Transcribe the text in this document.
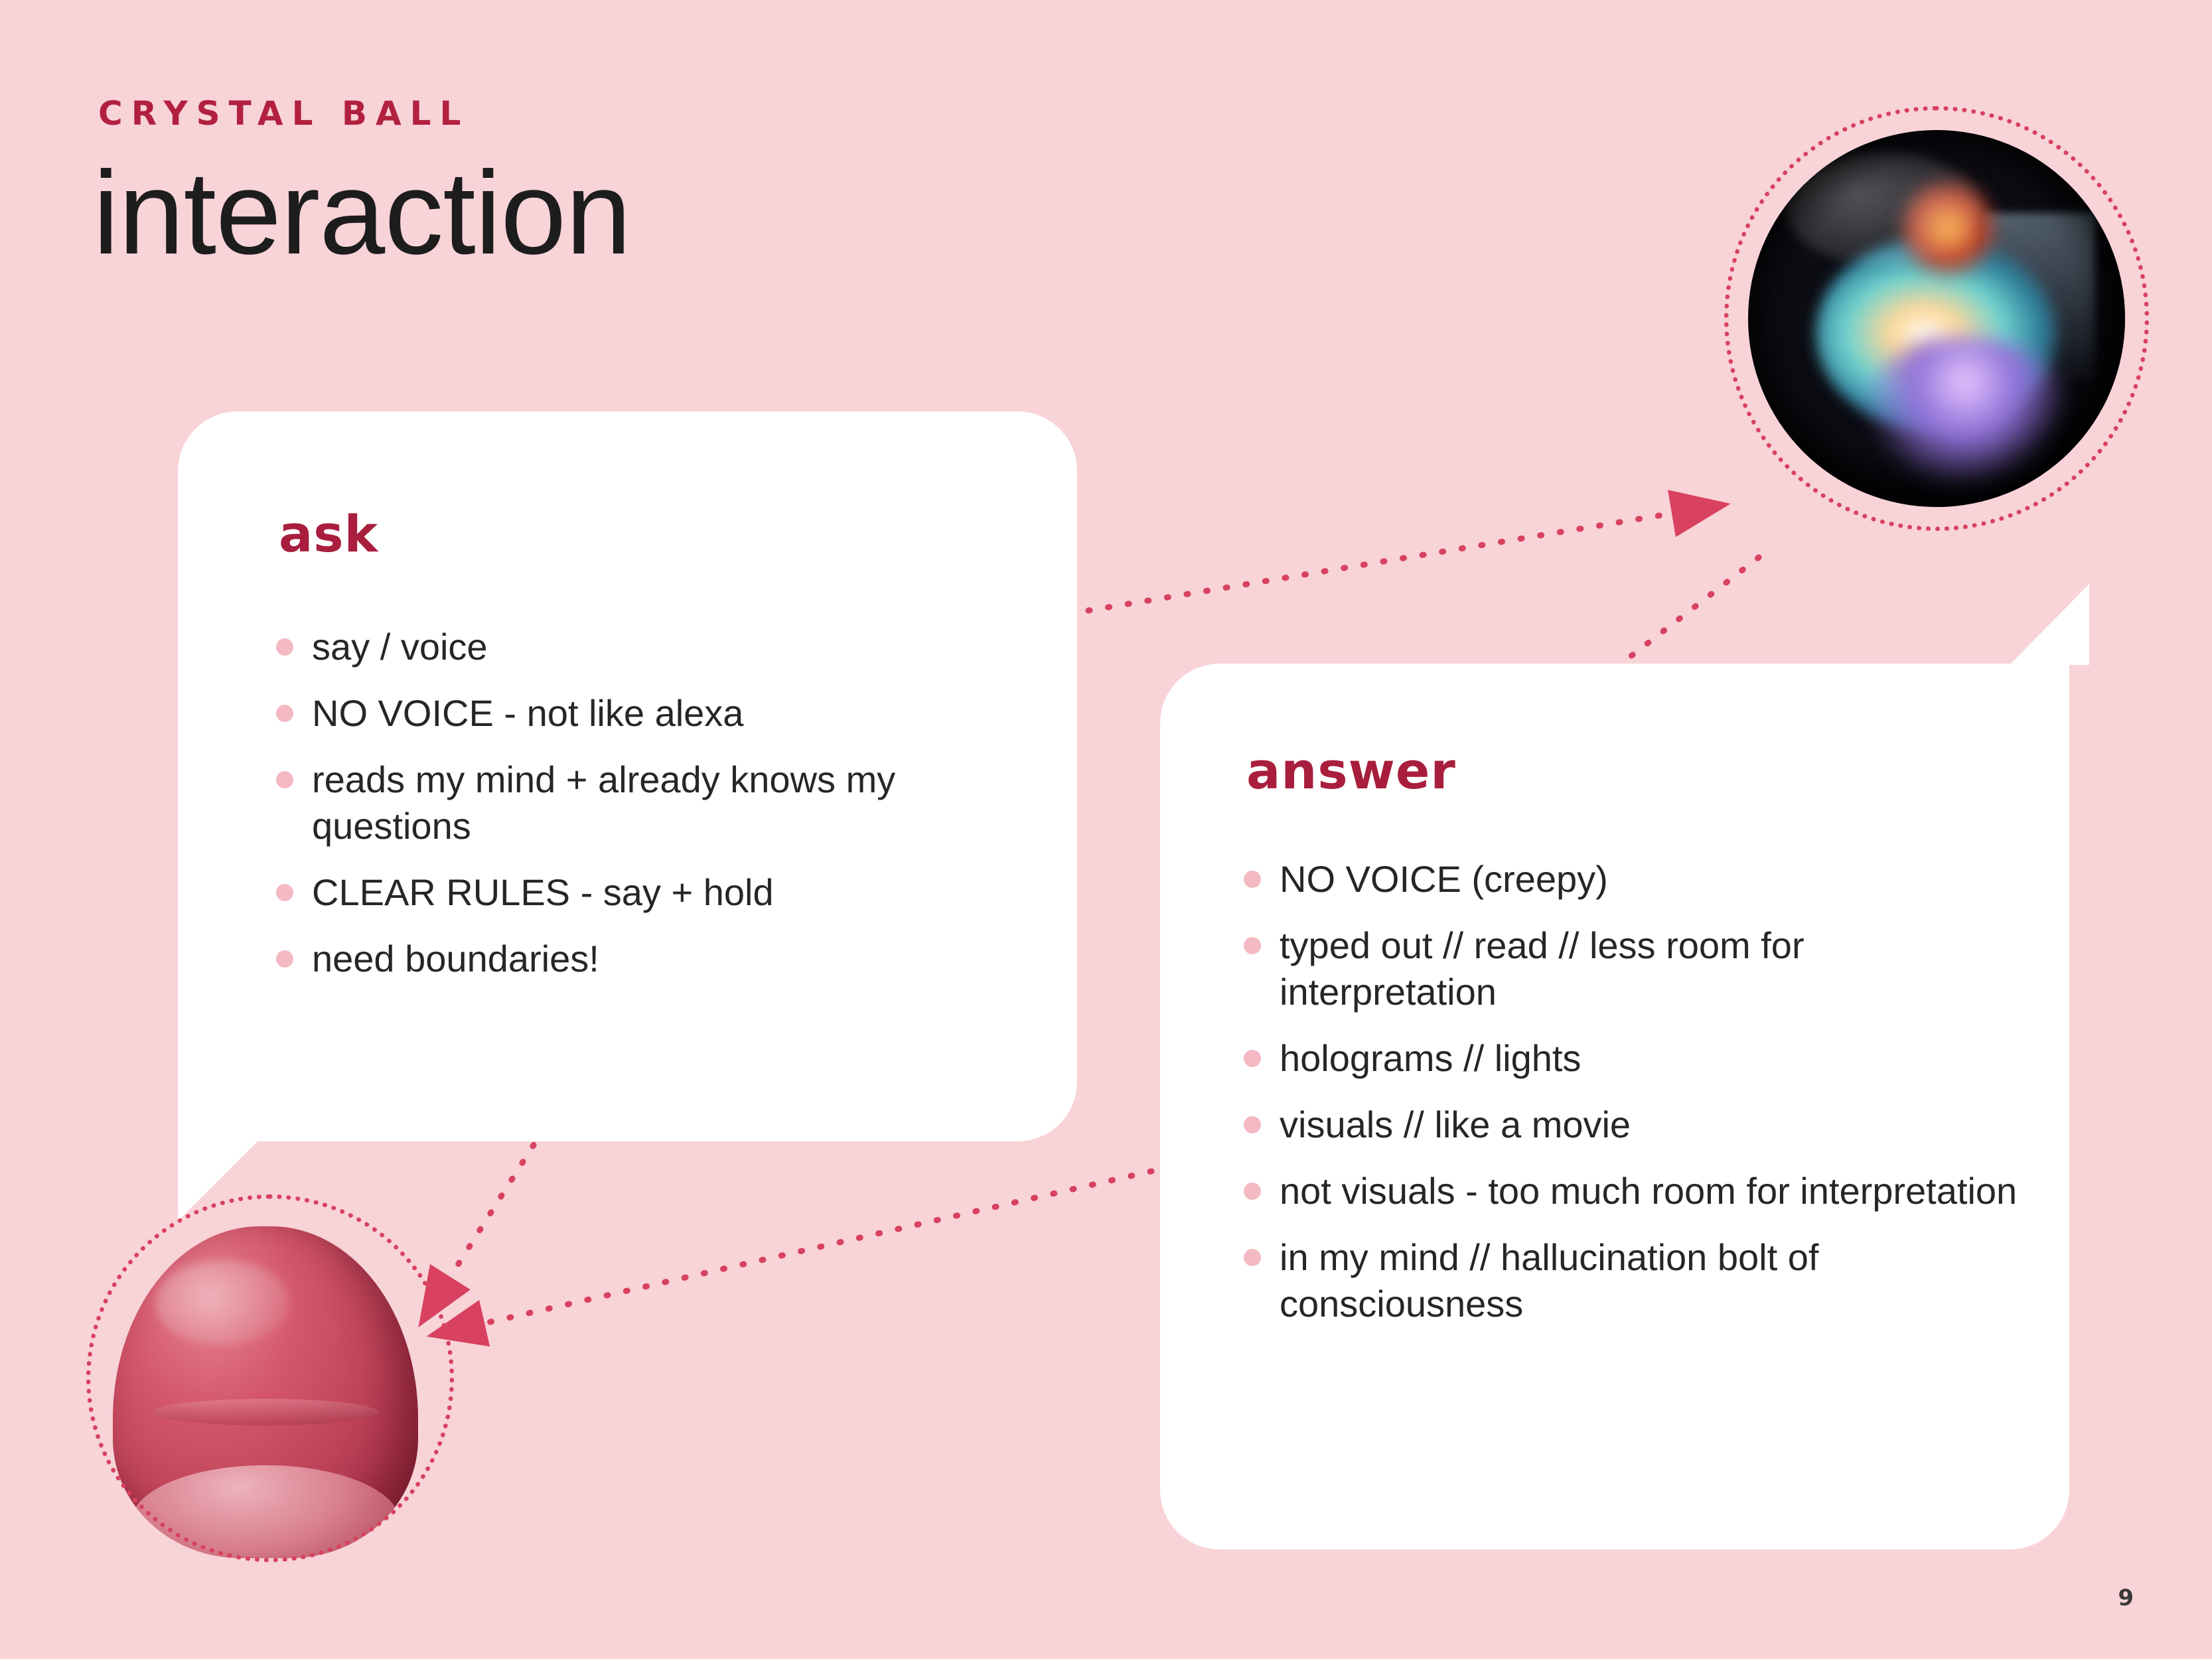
CRYSTAL BALL
interaction
ask
say / voice
NO VOICE - not like alexa
reads my mind + already knows my questions
CLEAR RULES - say + hold
need boundaries!
answer
NO VOICE (creepy)
typed out // read // less room for interpretation
holograms // lights
visuals // like a movie
not visuals - too much room for interpretation
in my mind // hallucination bolt of consciousness
9
